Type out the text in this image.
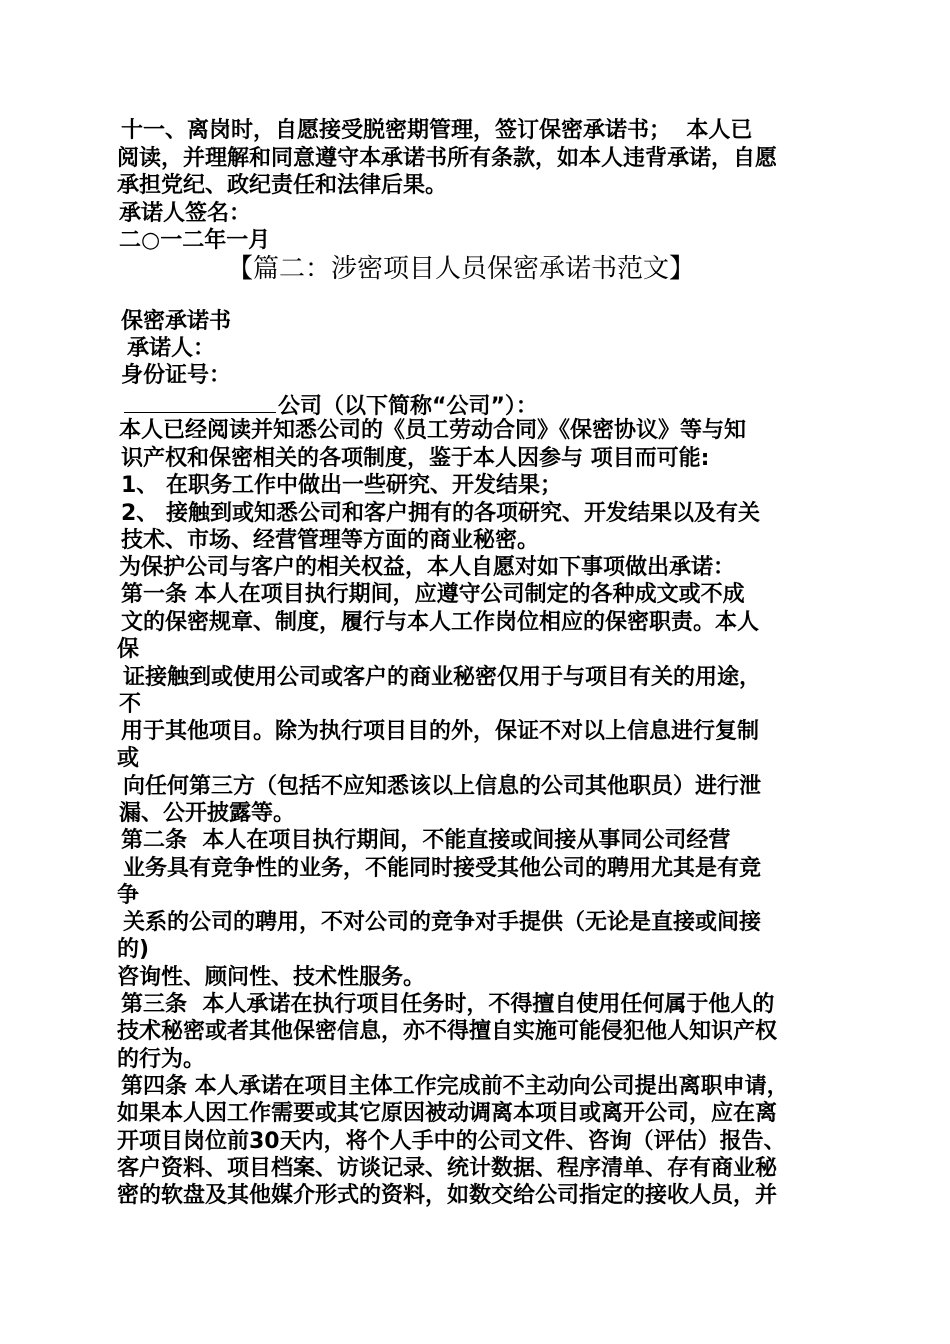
十一、离岗时，自愿接受脱密期管理，签订保密承诺书；  本人已
阅读，并理解和同意遵守本承诺书所有条款，如本人违背承诺，自愿
承担党纪、政纪责任和法律后果。
承诺人签名：
二○一二年一月
【篇二：涉密项目人员保密承诺书范文】
保密承诺书
承诺人：
身份证号：
公司（以下简称“公司”）：
本人已经阅读并知悉公司的《员工劳动合同》《保密协议》等与知
识产权和保密相关的各项制度，鉴于本人因参与 项目而可能:
1、 在职务工作中做出一些研究、开发结果；
2、 接触到或知悉公司和客户拥有的各项研究、开发结果以及有关
技术、市场、经营管理等方面的商业秘密。
为保护公司与客户的相关权益，本人自愿对如下事项做出承诺：
第一条 本人在项目执行期间，应遵守公司制定的各种成文或不成
文的保密规章、制度，履行与本人工作岗位相应的保密职责。本人
保
证接触到或使用公司或客户的商业秘密仅用于与项目有关的用途，
不
用于其他项目。除为执行项目目的外，保证不对以上信息进行复制
或
向任何第三方（包括不应知悉该以上信息的公司其他职员）进行泄
漏、公开披露等。
第二条  本人在项目执行期间，不能直接或间接从事同公司经营
业务具有竞争性的业务，不能同时接受其他公司的聘用尤其是有竞
争
关系的公司的聘用，不对公司的竞争对手提供（无论是直接或间接
的)
咨询性、顾问性、技术性服务。
第三条  本人承诺在执行项目任务时，不得擅自使用任何属于他人的
技术秘密或者其他保密信息，亦不得擅自实施可能侵犯他人知识产权
的行为。
第四条 本人承诺在项目主体工作完成前不主动向公司提出离职申请，
如果本人因工作需要或其它原因被动调离本项目或离开公司，应在离
开项目岗位前30天内，将个人手中的公司文件、咨询（评估）报告、
客户资料、项目档案、访谈记录、统计数据、程序清单、存有商业秘
密的软盘及其他媒介形式的资料，如数交给公司指定的接收人员，并
